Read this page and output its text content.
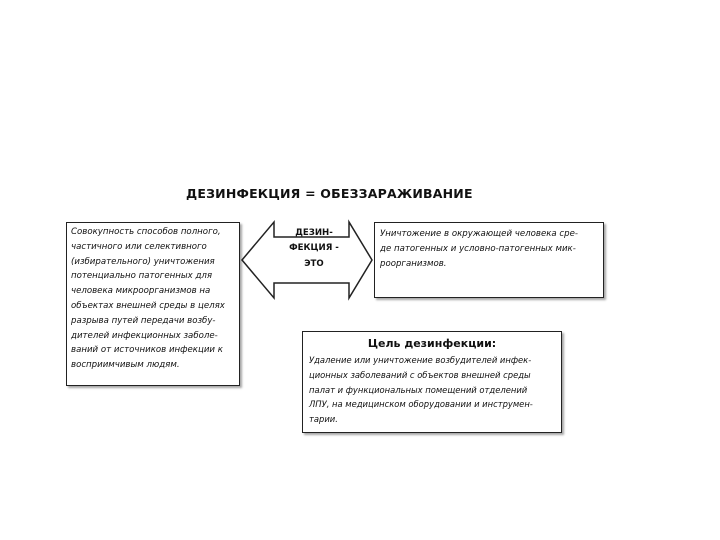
ДЕЗИНФЕКЦИЯ = ОБЕЗЗАРАЖИВАНИЕ
ДЕЗИН-
ФЕКЦИЯ -
ЭТО
Совокупность способов полного,
частичного или селективного
(избирательного) уничтожения
потенциально патогенных для
человека микроорганизмов на
объектах внешней среды в целях
разрыва путей передачи возбу-
дителей инфекционных заболе-
ваний от источников инфекции к
восприимчивым людям.
Уничтожение в окружающей человека сре-
де патогенных и условно-патогенных мик-
роорганизмов.
Цель дезинфекции:
Удаление или уничтожение возбудителей инфек-
ционных заболеваний с объектов внешней среды
палат и функциональных помещений отделений
ЛПУ, на медицинском оборудовании и инструмен-
тарии.
